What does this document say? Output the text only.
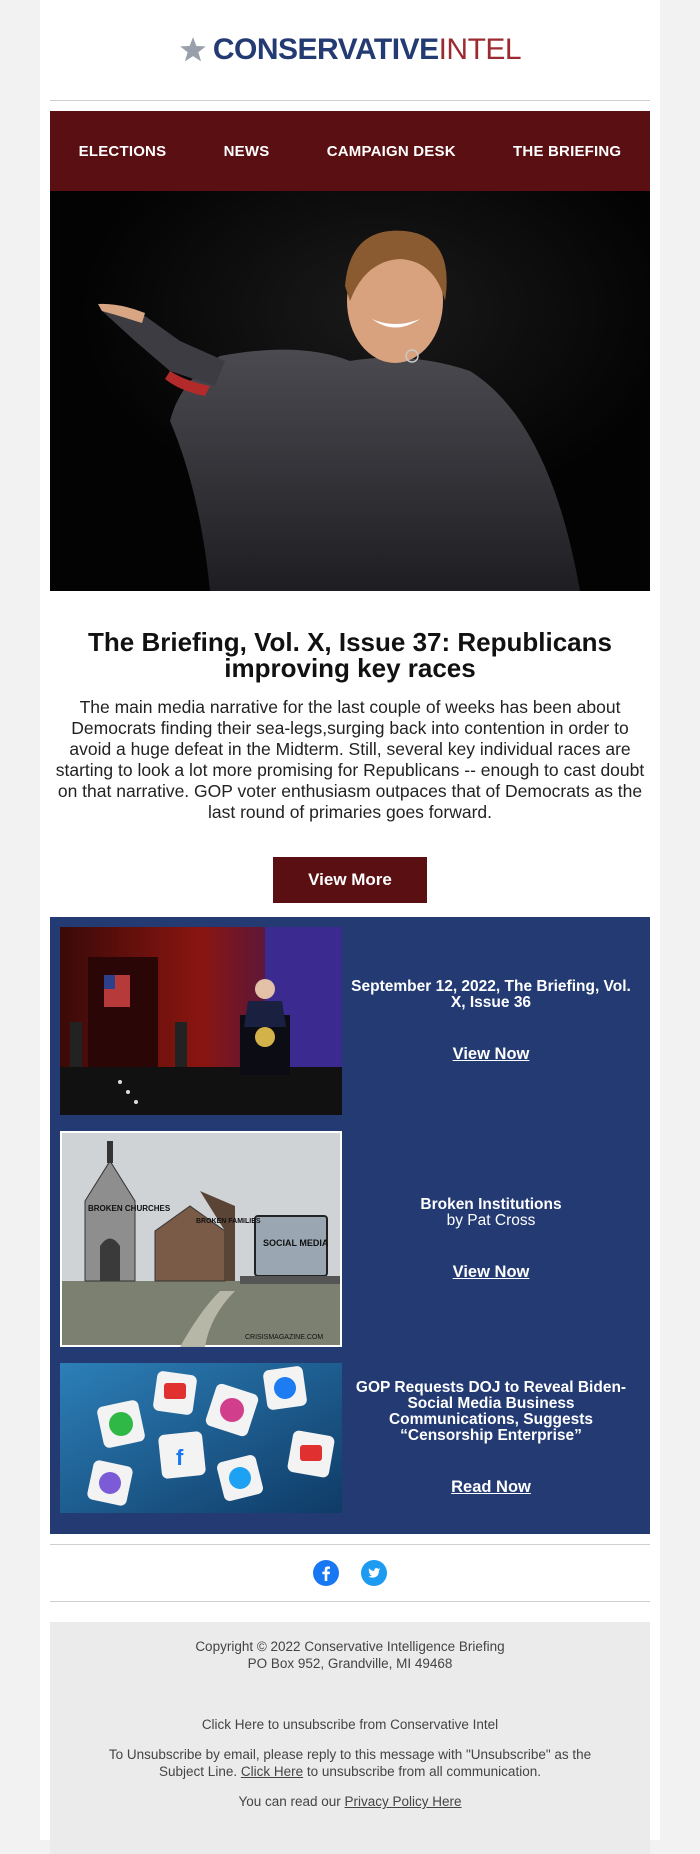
CONSERVATIVEINTEL
ELECTIONS	NEWS	CAMPAIGN DESK	THE BRIEFING
The Briefing, Vol. X, Issue 37: Republicans improving key races

The main media narrative for the last couple of weeks has been about Democrats finding their sea-legs,surging back into contention in order to avoid a huge defeat in the Midterm. Still, several key individual races are starting to look a lot more promising for Republicans -- enough to cast doubt on that narrative. GOP voter enthusiasm outpaces that of Democrats as the last round of primaries goes forward.

View More
September 12, 2022, The Briefing, Vol. X, Issue 36
View Now
BROKEN CHURCHES
BROKEN FAMILIES
SOCIAL MEDIA
CRISISMAGAZINE.COM
Broken Institutions
by Pat Cross
View Now
f
GOP Requests DOJ to Reveal Biden-Social Media Business Communications, Suggests “Censorship Enterprise”
Read Now
Copyright © 2022 Conservative Intelligence Briefing
PO Box 952, Grandville, MI 49468
Click Here to unsubscribe from Conservative Intel
To Unsubscribe by email, please reply to this message with "Unsubscribe" as the Subject Line. Click Here to unsubscribe from all communication.
You can read our Privacy Policy Here
